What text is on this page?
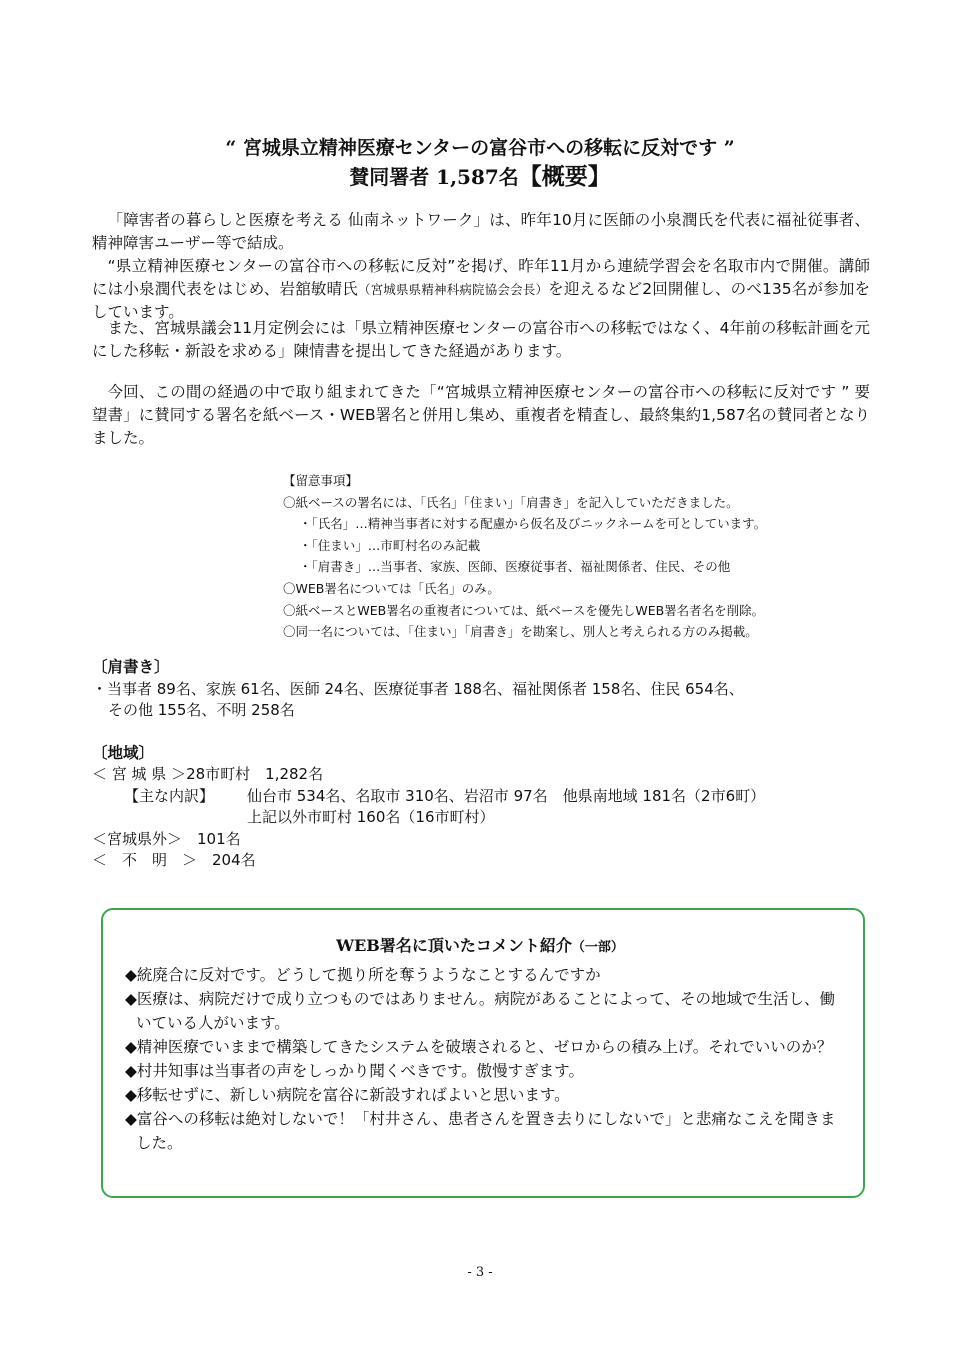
“ 宮城県立精神医療センターの富谷市への移転に反対です ”
賛同署者 1,587名【概要】

「障害者の暮らしと医療を考える 仙南ネットワーク」は、昨年10月に医師の小泉潤氏を代表に福祉従事者、精神障害ユーザー等で結成。

“県立精神医療センターの富谷市への移転に反対”を掲げ、昨年11月から連続学習会を名取市内で開催。講師には小泉潤代表をはじめ、岩舘敏晴氏（宮城県県精神科病院協会会長）を迎えるなど2回開催し、のべ135名が参加をしています。

また、宮城県議会11月定例会には「県立精神医療センターの富谷市への移転ではなく、4年前の移転計画を元にした移転・新設を求める」陳情書を提出してきた経過があります。

今回、この間の経過の中で取り組まれてきた「“宮城県立精神医療センターの富谷市への移転に反対です ” 要望書」に賛同する署名を紙ベース・WEB署名と併用し集め、重複者を精査し、最終集約1,587名の賛同者となりました。

【留意事項】
〇紙ベースの署名には、「氏名」「住まい」「肩書き」を記入していただきました。
・「氏名」…精神当事者に対する配慮から仮名及びニックネームを可としています。
・「住まい」…市町村名のみ記載
・「肩書き」…当事者、家族、医師、医療従事者、福祉関係者、住民、その他
〇WEB署名については「氏名」のみ。
〇紙ベースとWEB署名の重複者については、紙ベースを優先しWEB署名者名を削除。
〇同一名については、「住まい」「肩書き」を勘案し、別人と考えられる方のみ掲載。
〔肩書き〕
・当事者 89名、家族 61名、医師 24名、医療従事者 188名、福祉関係者 158名、住民 654名、
その他 155名、不明 258名
〔地域〕
＜ 宮 城 県 ＞28市町村　1,282名
【主な内訳】 仙台市 534名、名取市 310名、岩沼市 97名　他県南地域 181名（2市6町）
上記以外市町村 160名（16市町村）
＜宮城県外＞　101名
＜　不　明　＞　204名
WEB署名に頂いたコメント紹介（一部）

◆統廃合に反対です。どうして拠り所を奪うようなことするんですか

◆医療は、病院だけで成り立つものではありません。病院があることによって、その地域で生活し、働いている人がいます。

◆精神医療でいままで構築してきたシステムを破壊されると、ゼロからの積み上げ。それでいいのか？

◆村井知事は当事者の声をしっかり聞くべきです。傲慢すぎます。

◆移転せずに、新しい病院を富谷に新設すればよいと思います。

◆富谷への移転は絶対しないで！「村井さん、患者さんを置き去りにしないで」と悲痛なこえを聞きました。

- 3 -
